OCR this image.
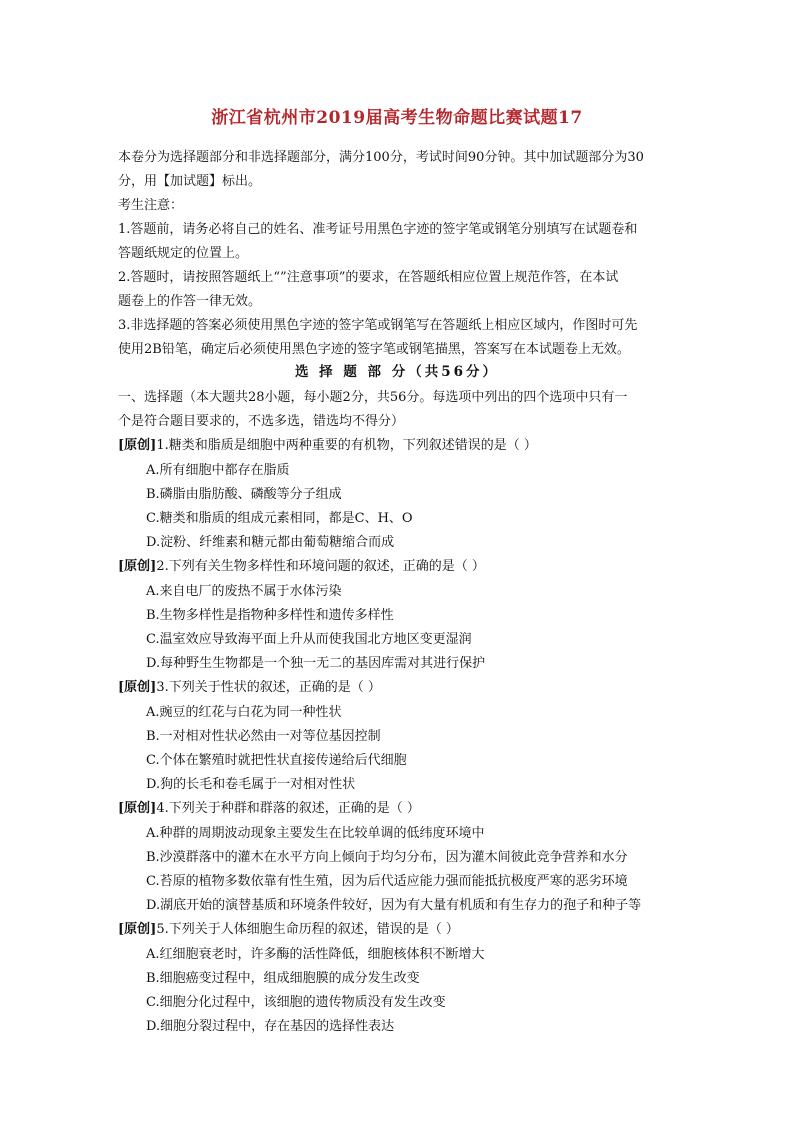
浙江省杭州市2019届高考生物命题比赛试题17
本卷分为选择题部分和非选择题部分，满分100分，考试时间90分钟。其中加试题部分为30
分，用【加试题】标出。
考生注意：
1.答题前，请务必将自己的姓名、准考证号用黑色字迹的签字笔或钢笔分别填写在试题卷和
答题纸规定的位置上。
2.答题时，请按照答题纸上“”注意事项”的要求，在答题纸相应位置上规范作答，在本试
题卷上的作答一律无效。
3.非选择题的答案必须使用黑色字迹的签字笔或钢笔写在答题纸上相应区域内，作图时可先
使用2B铅笔，确定后必须使用黑色字迹的签字笔或钢笔描黑，答案写在本试题卷上无效。
选 择 题 部 分（共56分）
一、选择题（本大题共28小题，每小题2分，共56分。每选项中列出的四个选项中只有一
个是符合题目要求的，不选多选，错选均不得分）
[原创]1.糖类和脂质是细胞中两种重要的有机物，下列叙述错误的是（ ）
A.所有细胞中都存在脂质
B.磷脂由脂肪酸、磷酸等分子组成
C.糖类和脂质的组成元素相同，都是C、H、O
D.淀粉、纤维素和糖元都由葡萄糖缩合而成
[原创]2.下列有关生物多样性和环境问题的叙述，正确的是（ ）
A.来自电厂的废热不属于水体污染
B.生物多样性是指物种多样性和遗传多样性
C.温室效应导致海平面上升从而使我国北方地区变更湿润
D.每种野生生物都是一个独一无二的基因库需对其进行保护
[原创]3.下列关于性状的叙述，正确的是（ ）
A.豌豆的红花与白花为同一种性状
B.一对相对性状必然由一对等位基因控制
C.个体在繁殖时就把性状直接传递给后代细胞
D.狗的长毛和卷毛属于一对相对性状
[原创]4.下列关于种群和群落的叙述，正确的是（ ）
A.种群的周期波动现象主要发生在比较单调的低纬度环境中
B.沙漠群落中的灌木在水平方向上倾向于均匀分布，因为灌木间彼此竞争营养和水分
C.苔原的植物多数依靠有性生殖，因为后代适应能力强而能抵抗极度严寒的恶劣环境
D.湖底开始的演替基质和环境条件较好，因为有大量有机质和有生存力的孢子和种子等
[原创]5.下列关于人体细胞生命历程的叙述，错误的是（ ）
A.红细胞衰老时，许多酶的活性降低，细胞核体积不断增大
B.细胞癌变过程中，组成细胞膜的成分发生改变
C.细胞分化过程中，该细胞的遗传物质没有发生改变
D.细胞分裂过程中，存在基因的选择性表达
